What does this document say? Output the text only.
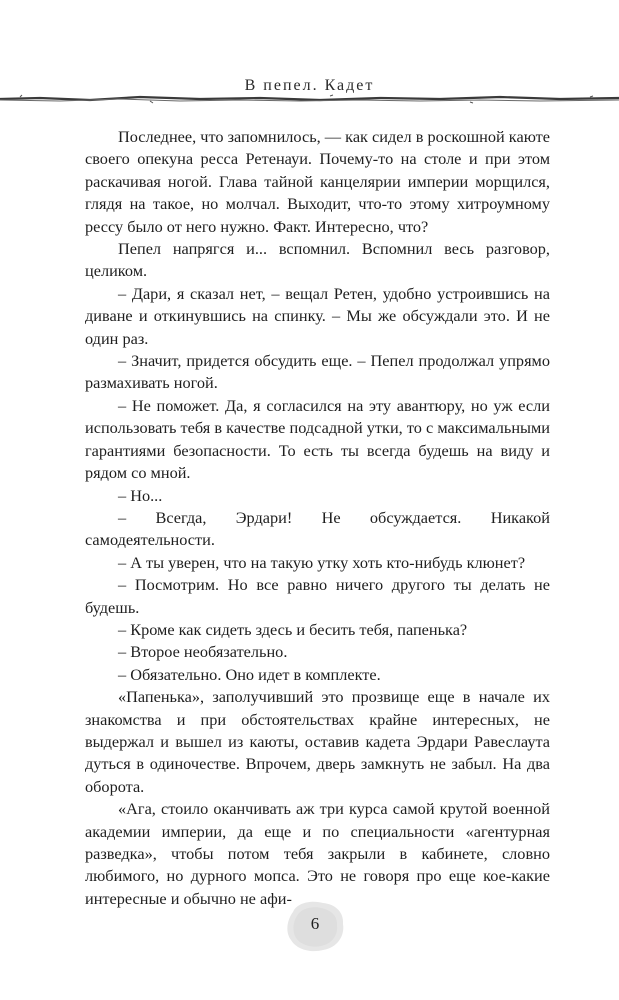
В пепел. Кадет

Последнее, что запомнилось, — как сидел в роскошной каюте своего опекуна ресса Ретенауи. Почему-то на столе и при этом раскачивая ногой. Глава тайной канцелярии империи морщился, глядя на такое, но молчал. Выходит, что-то этому хитроумному рессу было от него нужно. Факт. Интересно, что?

Пепел напрягся и... вспомнил. Вспомнил весь разговор, целиком.

– Дари, я сказал нет, – вещал Ретен, удобно устроившись на диване и откинувшись на спинку. – Мы же обсуждали это. И не один раз.

– Значит, придется обсудить еще. – Пепел продолжал упрямо размахивать ногой.

– Не поможет. Да, я согласился на эту авантюру, но уж если использовать тебя в качестве подсадной утки, то с максимальными гарантиями безопасности. То есть ты всегда будешь на виду и рядом со мной.

– Но...

– Всегда, Эрдари! Не обсуждается. Никакой самодеятельности.

– А ты уверен, что на такую утку хоть кто-нибудь клюнет?

– Посмотрим. Но все равно ничего другого ты делать не будешь.

– Кроме как сидеть здесь и бесить тебя, папенька?

– Второе необязательно.

– Обязательно. Оно идет в комплекте.

«Папенька», заполучивший это прозвище еще в начале их знакомства и при обстоятельствах крайне интересных, не выдержал и вышел из каюты, оставив кадета Эрдари Равеслаута дуться в одиночестве. Впрочем, дверь замкнуть не забыл. На два оборота.

«Ага, стоило оканчивать аж три курса самой крутой военной академии империи, да еще и по специальности «агентурная разведка», чтобы потом тебя закрыли в кабинете, словно любимого, но дурного мопса. Это не говоря про еще кое-какие интересные и обычно не афи-

6
